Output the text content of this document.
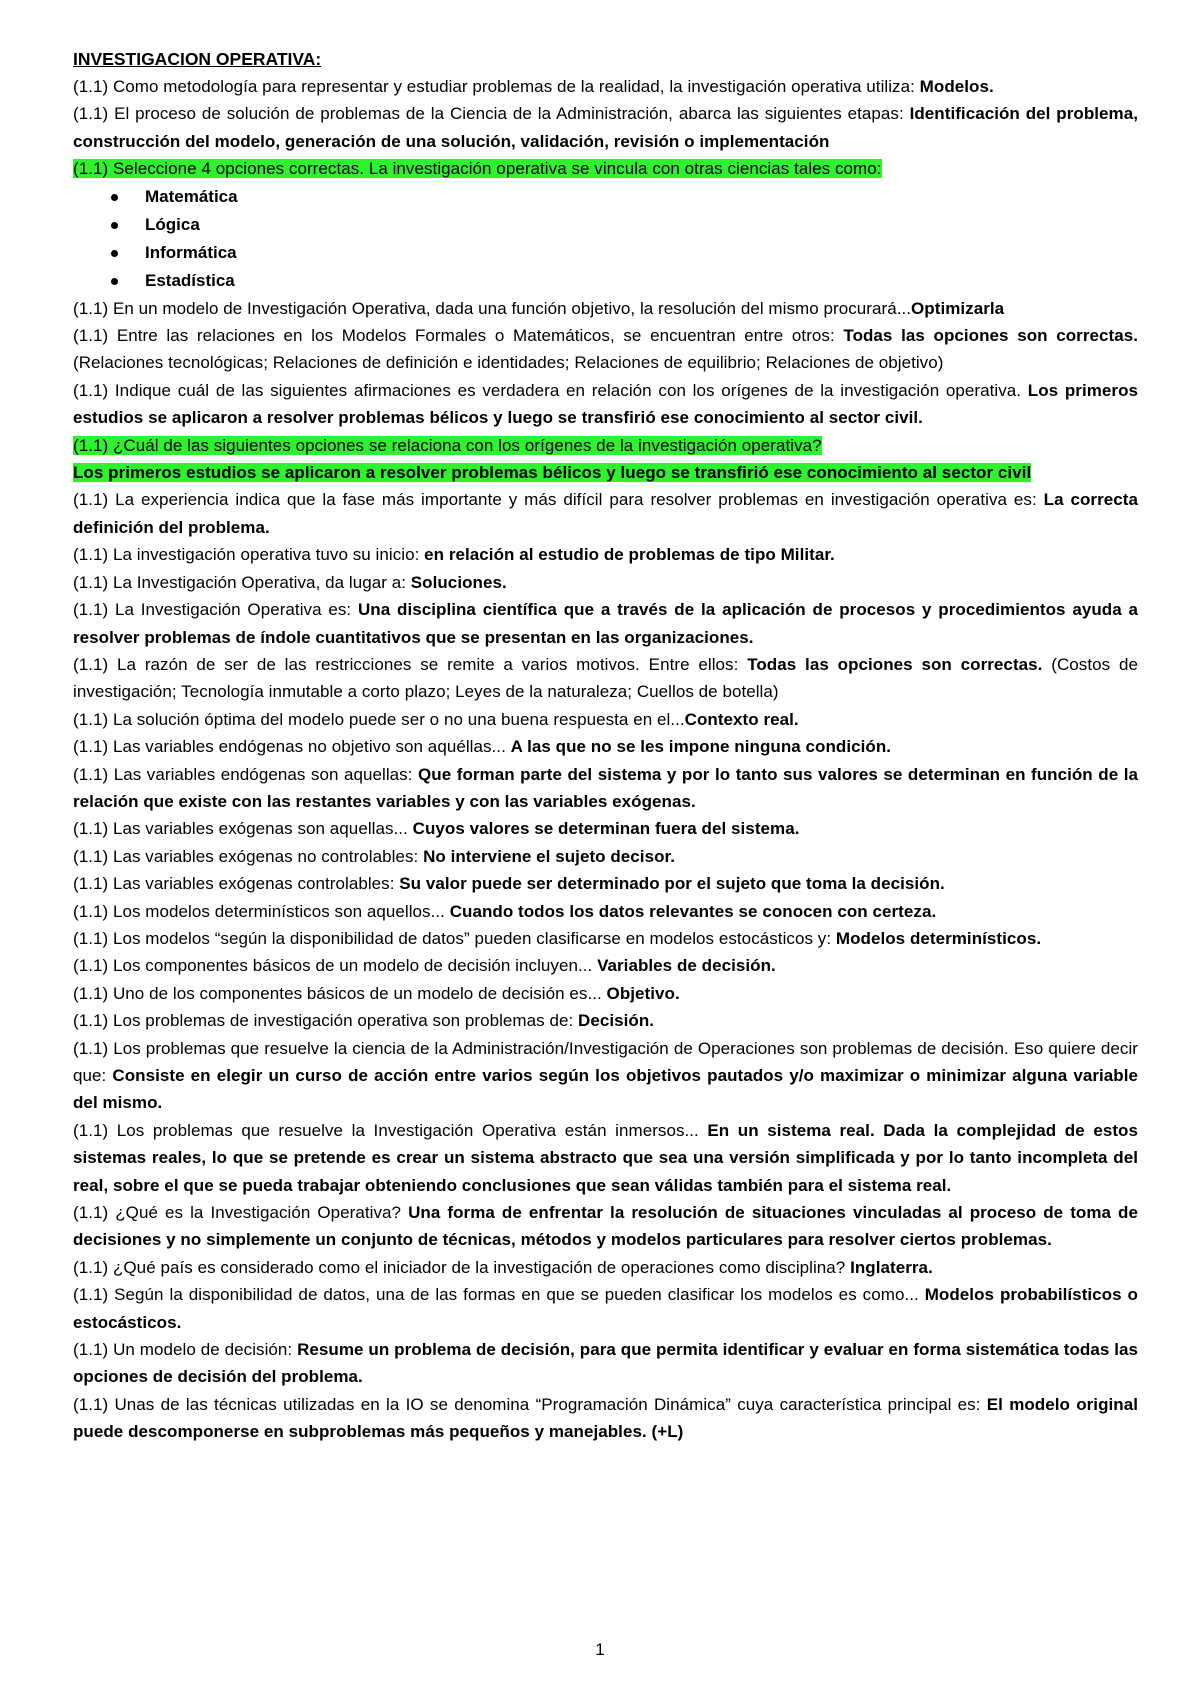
INVESTIGACION OPERATIVA:

(1.1) Como metodología para representar y estudiar problemas de la realidad, la investigación operativa utiliza: Modelos.

(1.1) El proceso de solución de problemas de la Ciencia de la Administración, abarca las siguientes etapas: Identificación del problema, construcción del modelo, generación de una solución, validación, revisión o implementación

(1.1) Seleccione 4 opciones correctas. La investigación operativa se vincula con otras ciencias tales como:

Matemática
Lógica
Informática
Estadística

(1.1) En un modelo de Investigación Operativa, dada una función objetivo, la resolución del mismo procurará...Optimizarla

(1.1) Entre las relaciones en los Modelos Formales o Matemáticos, se encuentran entre otros: Todas las opciones son correctas. (Relaciones tecnológicas; Relaciones de definición e identidades; Relaciones de equilibrio; Relaciones de objetivo)

(1.1) Indique cuál de las siguientes afirmaciones es verdadera en relación con los orígenes de la investigación operativa. Los primeros estudios se aplicaron a resolver problemas bélicos y luego se transfirió ese conocimiento al sector civil.

(1.1) ¿Cuál de las siguientes opciones se relaciona con los orígenes de la investigación operativa?
Los primeros estudios se aplicaron a resolver problemas bélicos y luego se transfirió ese conocimiento al sector civil

(1.1) La experiencia indica que la fase más importante y más difícil para resolver problemas en investigación operativa es: La correcta definición del problema.

(1.1) La investigación operativa tuvo su inicio: en relación al estudio de problemas de tipo Militar.

(1.1) La Investigación Operativa, da lugar a: Soluciones.

(1.1) La Investigación Operativa es: Una disciplina científica que a través de la aplicación de procesos y procedimientos ayuda a resolver problemas de índole cuantitativos que se presentan en las organizaciones.

(1.1) La razón de ser de las restricciones se remite a varios motivos. Entre ellos: Todas las opciones son correctas. (Costos de investigación; Tecnología inmutable a corto plazo; Leyes de la naturaleza; Cuellos de botella)

(1.1) La solución óptima del modelo puede ser o no una buena respuesta en el...Contexto real.

(1.1) Las variables endógenas no objetivo son aquéllas... A las que no se les impone ninguna condición.

(1.1) Las variables endógenas son aquellas: Que forman parte del sistema y por lo tanto sus valores se determinan en función de la relación que existe con las restantes variables y con las variables exógenas.

(1.1) Las variables exógenas son aquellas... Cuyos valores se determinan fuera del sistema.

(1.1) Las variables exógenas no controlables: No interviene el sujeto decisor.

(1.1) Las variables exógenas controlables: Su valor puede ser determinado por el sujeto que toma la decisión.

(1.1) Los modelos determinísticos son aquellos... Cuando todos los datos relevantes se conocen con certeza.

(1.1) Los modelos “según la disponibilidad de datos” pueden clasificarse en modelos estocásticos y: Modelos determinísticos.

(1.1) Los componentes básicos de un modelo de decisión incluyen... Variables de decisión.

(1.1) Uno de los componentes básicos de un modelo de decisión es... Objetivo.

(1.1) Los problemas de investigación operativa son problemas de: Decisión.

(1.1) Los problemas que resuelve la ciencia de la Administración/Investigación de Operaciones son problemas de decisión. Eso quiere decir que: Consiste en elegir un curso de acción entre varios según los objetivos pautados y/o maximizar o minimizar alguna variable del mismo.

(1.1) Los problemas que resuelve la Investigación Operativa están inmersos... En un sistema real. Dada la complejidad de estos sistemas reales, lo que se pretende es crear un sistema abstracto que sea una versión simplificada y por lo tanto incompleta del real, sobre el que se pueda trabajar obteniendo conclusiones que sean válidas también para el sistema real.

(1.1) ¿Qué es la Investigación Operativa? Una forma de enfrentar la resolución de situaciones vinculadas al proceso de toma de decisiones y no simplemente un conjunto de técnicas, métodos y modelos particulares para resolver ciertos problemas.

(1.1) ¿Qué país es considerado como el iniciador de la investigación de operaciones como disciplina? Inglaterra.

(1.1) Según la disponibilidad de datos, una de las formas en que se pueden clasificar los modelos es como... Modelos probabilísticos o estocásticos.

(1.1) Un modelo de decisión: Resume un problema de decisión, para que permita identificar y evaluar en forma sistemática todas las opciones de decisión del problema.

(1.1) Unas de las técnicas utilizadas en la IO se denomina “Programación Dinámica” cuya característica principal es: El modelo original puede descomponerse en subproblemas más pequeños y manejables. (+L)

1
